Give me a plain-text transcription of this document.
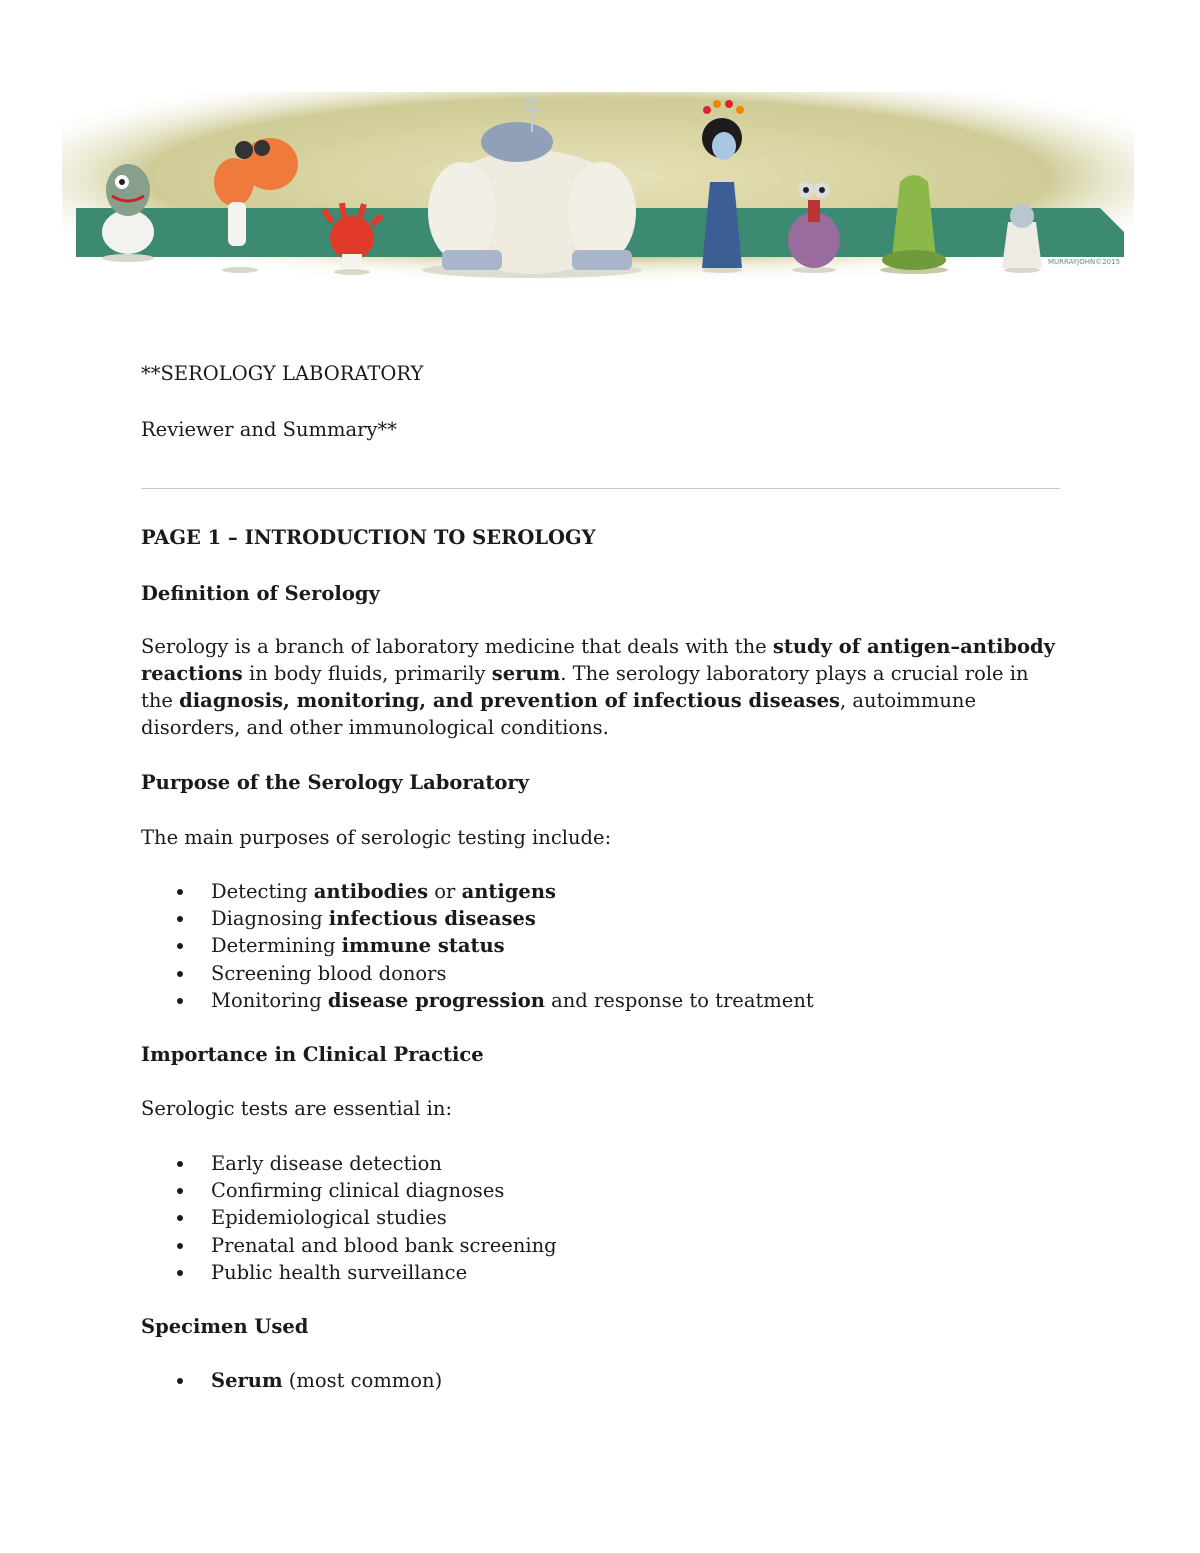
MURRAYJOHN©2015

**SEROLOGY LABORATORY

Reviewer and Summary**

PAGE 1 – INTRODUCTION TO SEROLOGY

Definition of Serology

Serology is a branch of laboratory medicine that deals with the study of antigen–antibody reactions in body fluids, primarily serum. The serology laboratory plays a crucial role in the diagnosis, monitoring, and prevention of infectious diseases, autoimmune disorders, and other immunological conditions.

Purpose of the Serology Laboratory

The main purposes of serologic testing include:

Detecting antibodies or antigens
Diagnosing infectious diseases
Determining immune status
Screening blood donors
Monitoring disease progression and response to treatment

Importance in Clinical Practice

Serologic tests are essential in:

Early disease detection
Confirming clinical diagnoses
Epidemiological studies
Prenatal and blood bank screening
Public health surveillance

Specimen Used

Serum (most common)
